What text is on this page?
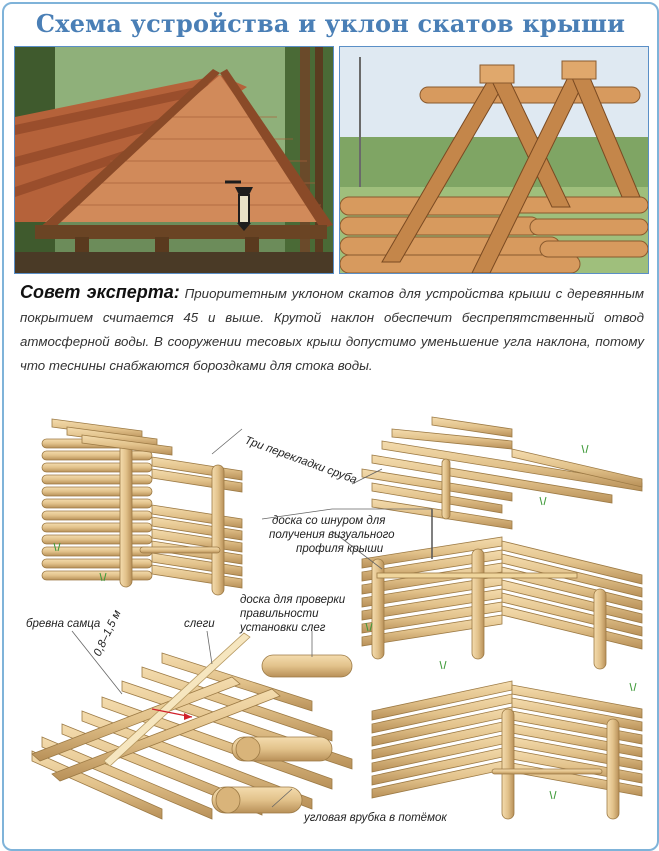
Схема устройства и уклон скатов крыши
Совет эксперта: Приоритетным уклоном скатов для устройства крыши с деревянным покрытием считается 45 и выше. Крутой наклон обеспечит беспрепятственный отвод атмосферной воды. В сооружении тесовых крыш допустимо уменьшение угла наклона, потому что теснины снабжаются бороздками для стока воды.
Три перекладки сруба
доска со шнуром для
получения визуального
профиля крыши
бревна самца	слеги
0,8–1,5 м
доска для проверки
правильности
установки слег
угловая врубка в потёмок
